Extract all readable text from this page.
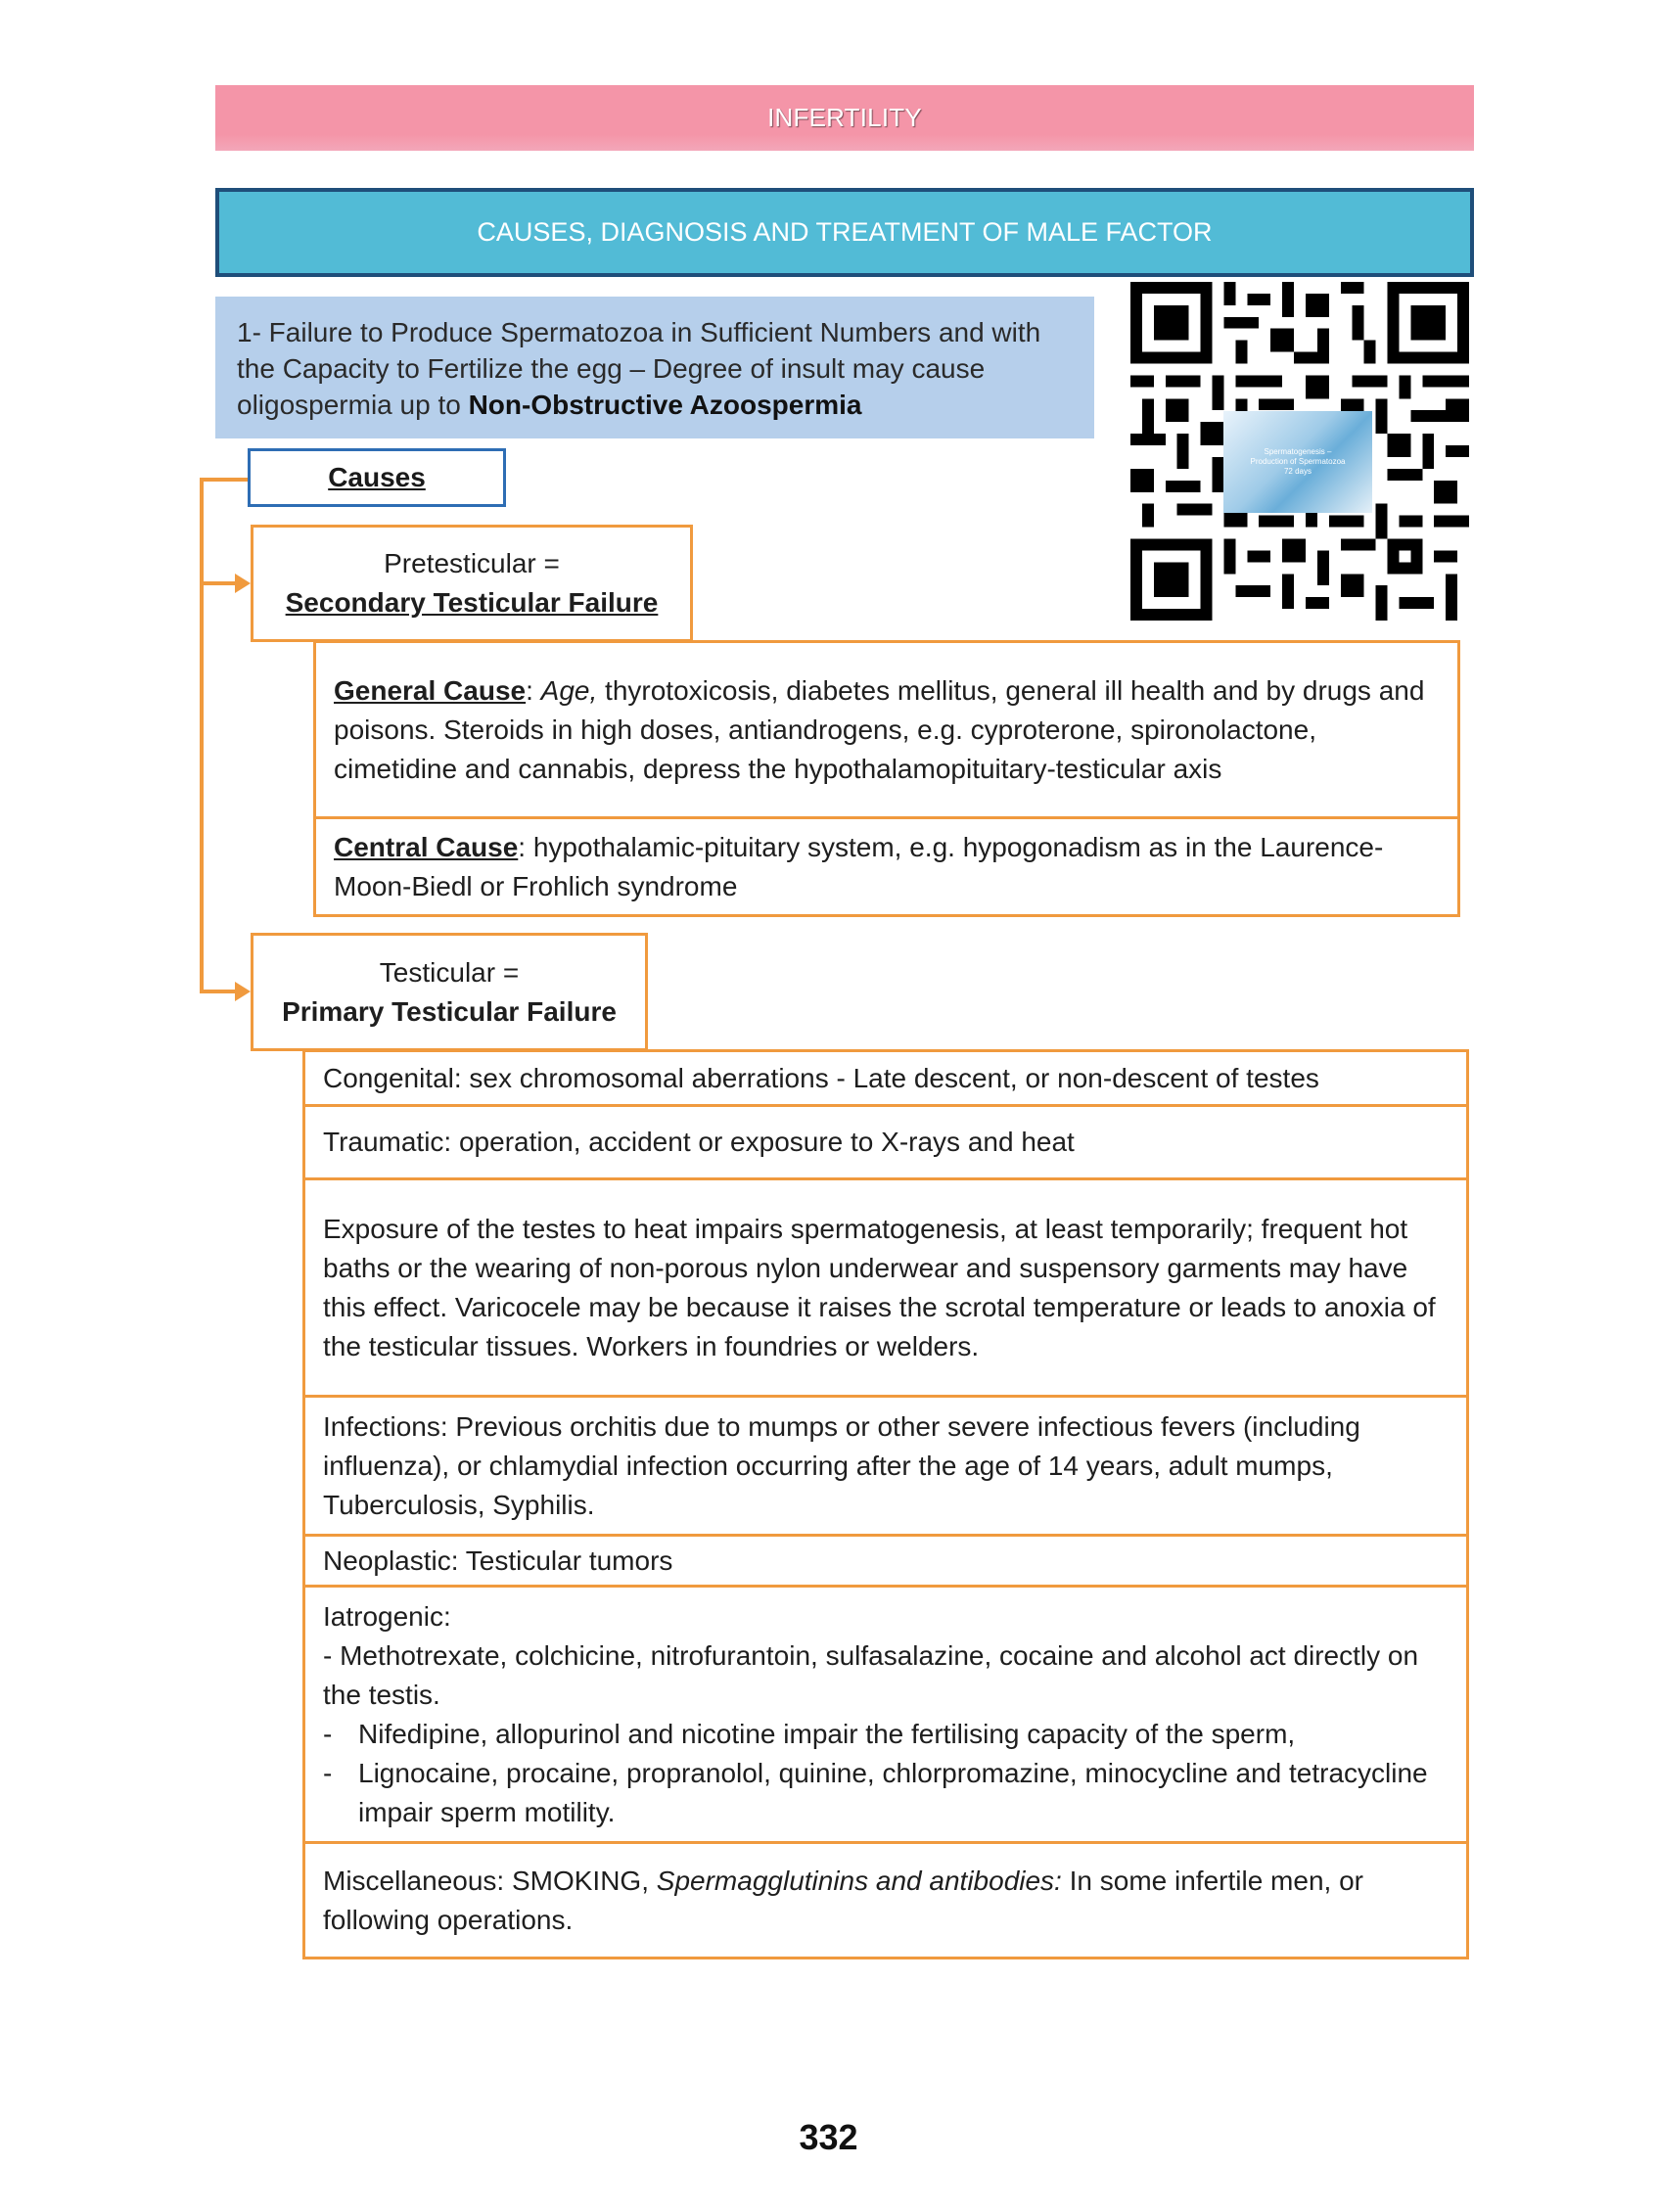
INFERTILITY
CAUSES, DIAGNOSIS AND TREATMENT OF MALE FACTOR
1- Failure to Produce Spermatozoa in Sufficient Numbers and with the Capacity to Fertilize the egg – Degree of insult may cause oligospermia up to Non-Obstructive Azoospermia
Spermatogenesis –
Production of Spermatozoa
72 days
Causes
Pretesticular =
Secondary Testicular Failure
General Cause: Age, thyrotoxicosis, diabetes mellitus, general ill health and by drugs and poisons. Steroids in high doses, antiandrogens, e.g. cyproterone, spironolactone, cimetidine and cannabis, depress the hypothalamopituitary-testicular axis
Central Cause: hypothalamic-pituitary system, e.g. hypogonadism as in the Laurence-Moon-Biedl or Frohlich syndrome
Testicular =
Primary Testicular Failure
Congenital: sex chromosomal aberrations - Late descent, or non-descent of testes
Traumatic: operation, accident or exposure to X-rays and heat
Exposure of the testes to heat impairs spermatogenesis, at least temporarily; frequent hot baths or the wearing of non-porous nylon underwear and suspensory garments may have this effect. Varicocele may be because it raises the scrotal temperature or leads to anoxia of the testicular tissues. Workers in foundries or welders.
Infections: Previous orchitis due to mumps or other severe infectious fevers (including influenza), or chlamydial infection occurring after the age of 14 years, adult mumps, Tuberculosis, Syphilis.
Neoplastic: Testicular tumors
Iatrogenic:
- Methotrexate, colchicine, nitrofurantoin, sulfasalazine, cocaine and alcohol act directly on the testis.
- Nifedipine, allopurinol and nicotine impair the fertilising capacity of the sperm,
- Lignocaine, procaine, propranolol, quinine, chlorpromazine, minocycline and tetracycline impair sperm motility.
Miscellaneous: SMOKING, Spermagglutinins and antibodies: In some infertile men, or following operations.
332
